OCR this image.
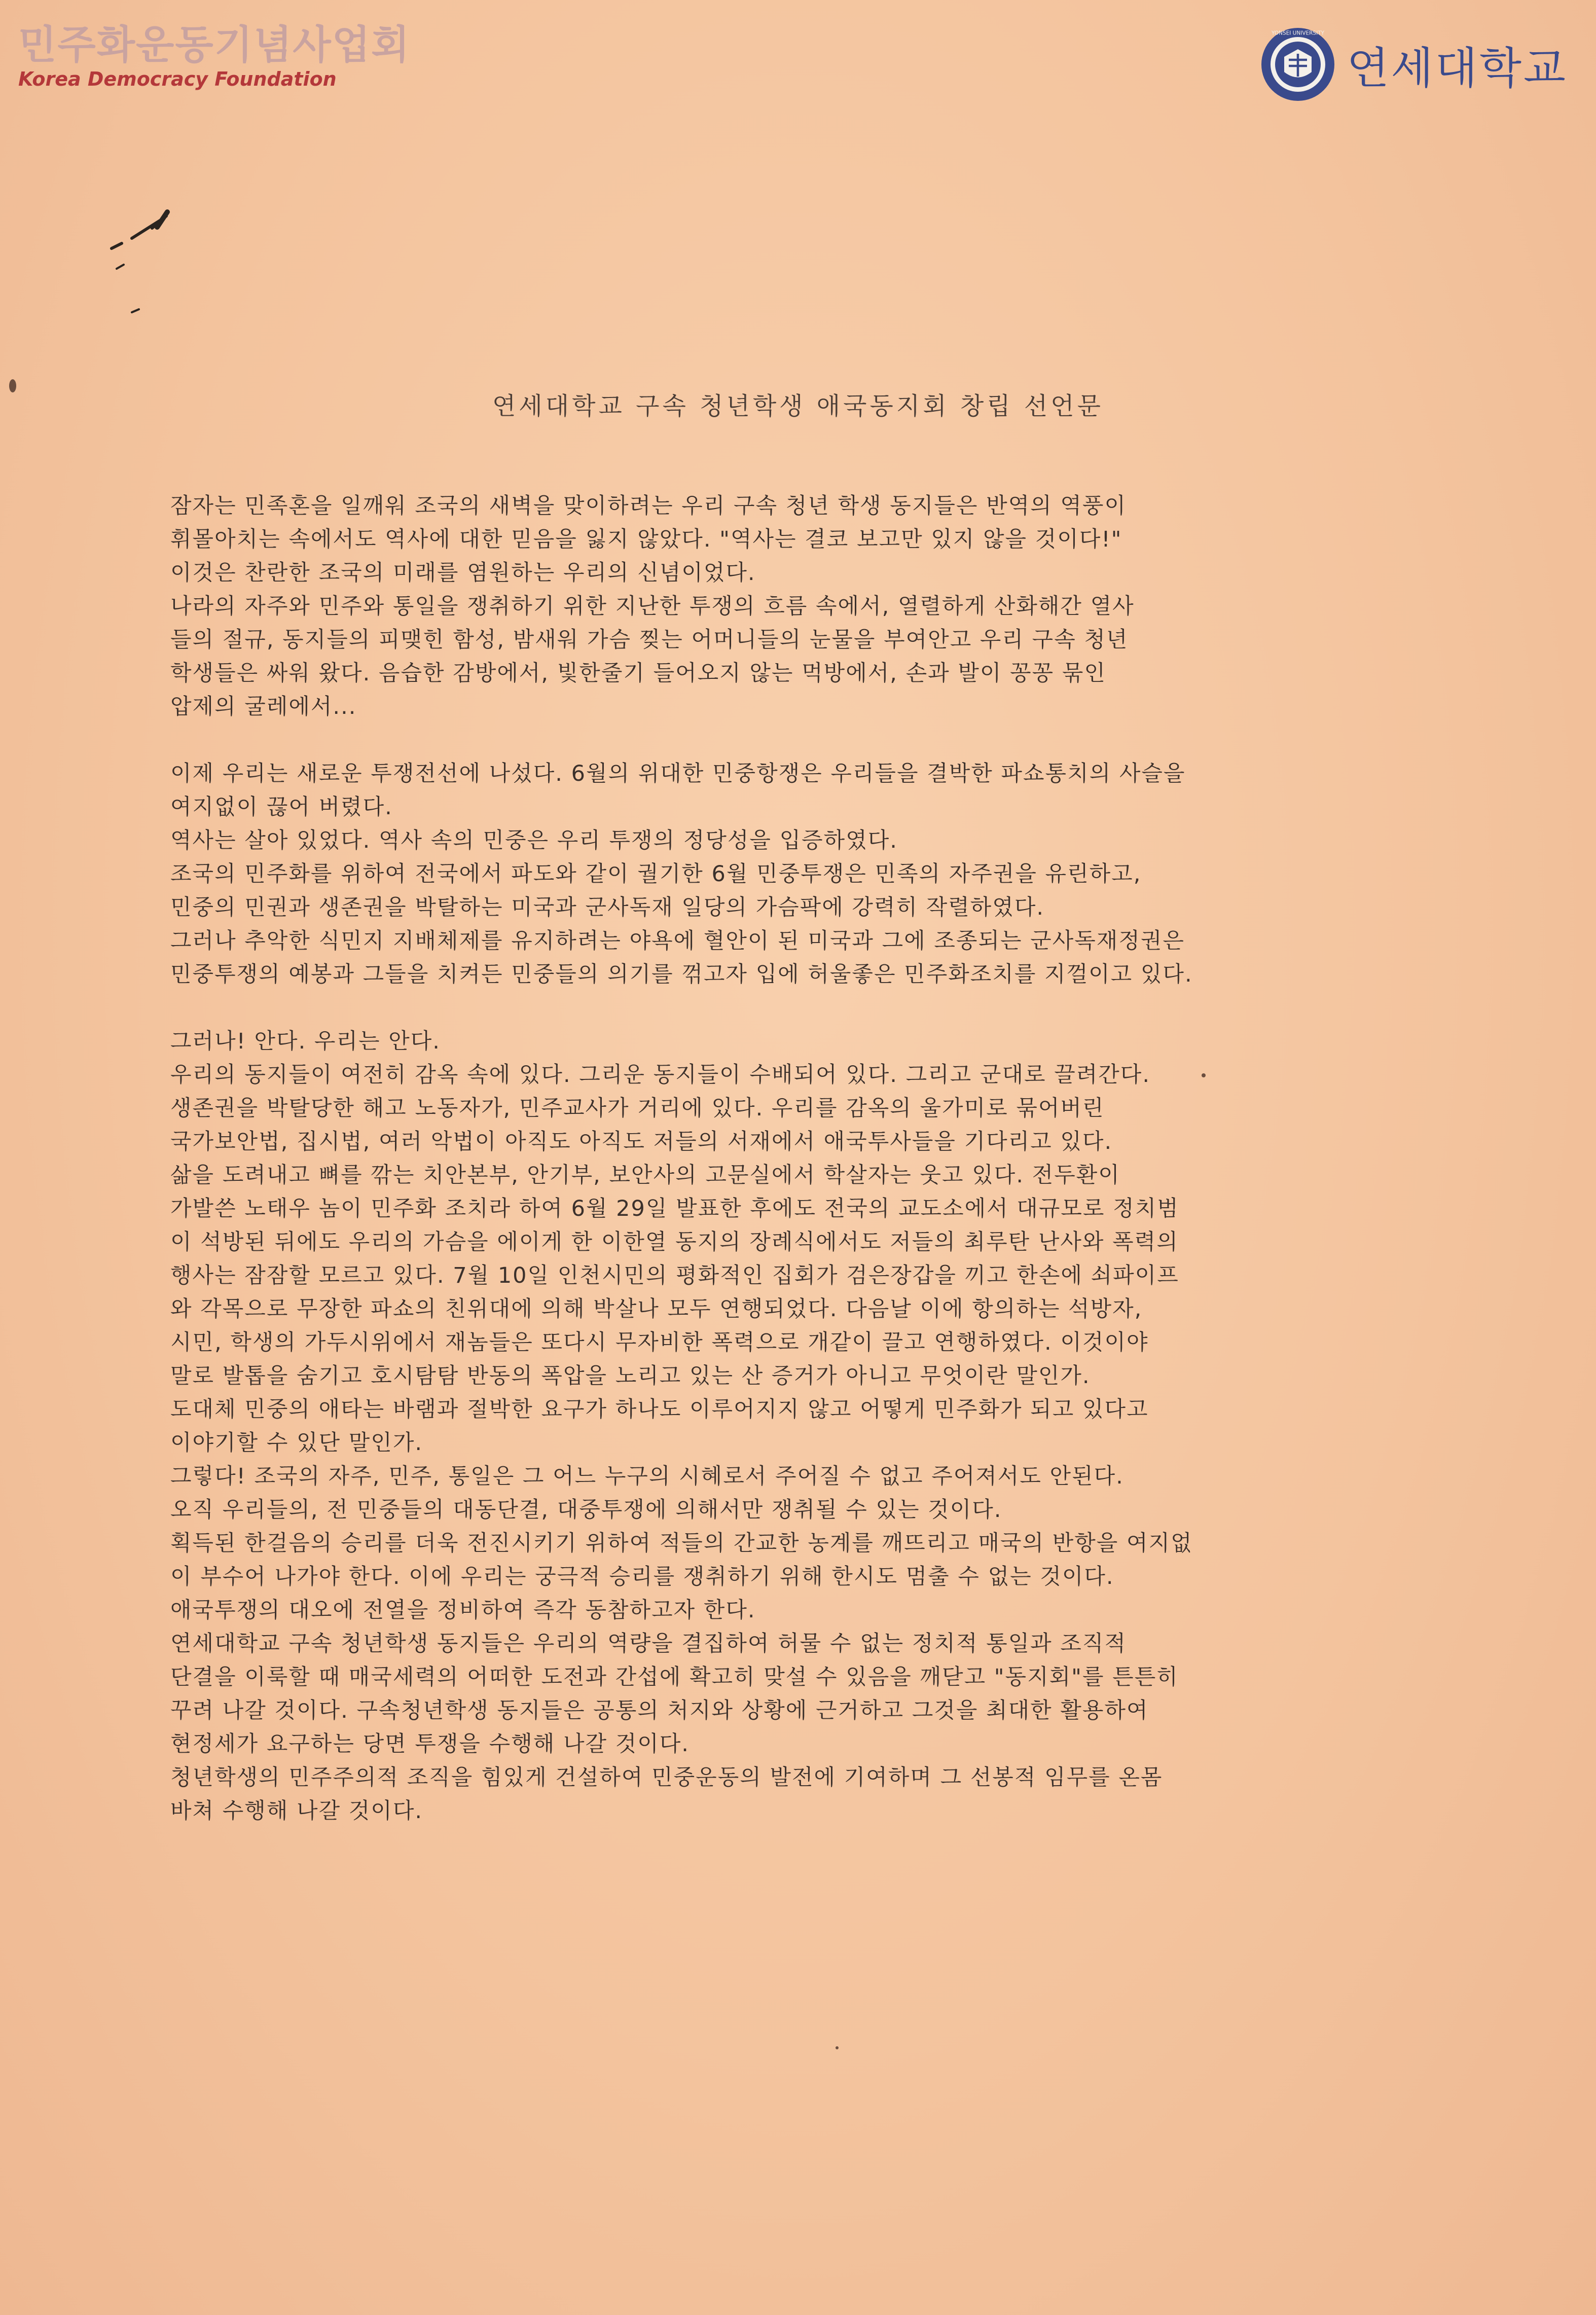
민주화운동기념사업회
Korea Democracy Foundation
YONSEI UNIVERSITY
연세대학교
연세대학교 구속 청년학생 애국동지회 창립 선언문

잠자는 민족혼을 일깨워 조국의 새벽을 맞이하려는 우리 구속 청년 학생 동지들은 반역의 역풍이
휘몰아치는 속에서도 역사에 대한 믿음을 잃지 않았다. "역사는 결코 보고만 있지 않을 것이다!"
이것은 찬란한 조국의 미래를 염원하는 우리의 신념이었다.
나라의 자주와 민주와 통일을 쟁취하기 위한 지난한 투쟁의 흐름 속에서, 열렬하게 산화해간 열사
들의 절규, 동지들의 피맺힌 함성, 밤새워 가슴 찢는 어머니들의 눈물을 부여안고 우리 구속 청년
학생들은 싸워 왔다. 음습한 감방에서, 빛한줄기 들어오지 않는 먹방에서, 손과 발이 꽁꽁 묶인
압제의 굴레에서...

이제 우리는 새로운 투쟁전선에 나섰다. 6월의 위대한 민중항쟁은 우리들을 결박한 파쇼통치의 사슬을
여지없이 끊어 버렸다.
역사는 살아 있었다. 역사 속의 민중은 우리 투쟁의 정당성을 입증하였다.
조국의 민주화를 위하여 전국에서 파도와 같이 궐기한 6월 민중투쟁은 민족의 자주권을 유린하고,
민중의 민권과 생존권을 박탈하는 미국과 군사독재 일당의 가슴팍에 강력히 작렬하였다.
그러나 추악한 식민지 지배체제를 유지하려는 야욕에 혈안이 된 미국과 그에 조종되는 군사독재정권은
민중투쟁의 예봉과 그들을 치켜든 민중들의 의기를 꺾고자 입에 허울좋은 민주화조치를 지껄이고 있다.

그러나! 안다. 우리는 안다.
우리의 동지들이 여전히 감옥 속에 있다. 그리운 동지들이 수배되어 있다. 그리고 군대로 끌려간다.
생존권을 박탈당한 해고 노동자가, 민주교사가 거리에 있다. 우리를 감옥의 울가미로 묶어버린
국가보안법, 집시법, 여러 악법이 아직도 아직도 저들의 서재에서 애국투사들을 기다리고 있다.
삶을 도려내고 뼈를 깎는 치안본부, 안기부, 보안사의 고문실에서 학살자는 웃고 있다. 전두환이
가발쓴 노태우 놈이 민주화 조치라 하여 6월 29일 발표한 후에도 전국의 교도소에서 대규모로 정치범
이 석방된 뒤에도 우리의 가슴을 에이게 한 이한열 동지의 장례식에서도 저들의 최루탄 난사와 폭력의
행사는 잠잠할 모르고 있다. 7월 10일 인천시민의 평화적인 집회가 검은장갑을 끼고 한손에 쇠파이프
와 각목으로 무장한 파쇼의 친위대에 의해 박살나 모두 연행되었다. 다음날 이에 항의하는 석방자,
시민, 학생의 가두시위에서 재놈들은 또다시 무자비한 폭력으로 개같이 끌고 연행하였다. 이것이야
말로 발톱을 숨기고 호시탐탐 반동의 폭압을 노리고 있는 산 증거가 아니고 무엇이란 말인가.
도대체 민중의 애타는 바램과 절박한 요구가 하나도 이루어지지 않고 어떻게 민주화가 되고 있다고
이야기할 수 있단 말인가.
그렇다! 조국의 자주, 민주, 통일은 그 어느 누구의 시혜로서 주어질 수 없고 주어져서도 안된다.
오직 우리들의, 전 민중들의 대동단결, 대중투쟁에 의해서만 쟁취될 수 있는 것이다.
획득된 한걸음의 승리를 더욱 전진시키기 위하여 적들의 간교한 농계를 깨뜨리고 매국의 반항을 여지없
이 부수어 나가야 한다. 이에 우리는 궁극적 승리를 쟁취하기 위해 한시도 멈출 수 없는 것이다.
애국투쟁의 대오에 전열을 정비하여 즉각 동참하고자 한다.
연세대학교 구속 청년학생 동지들은 우리의 역량을 결집하여 허물 수 없는 정치적 통일과 조직적
단결을 이룩할 때 매국세력의 어떠한 도전과 간섭에 확고히 맞설 수 있음을 깨닫고 "동지회"를 튼튼히
꾸려 나갈 것이다. 구속청년학생 동지들은 공통의 처지와 상황에 근거하고 그것을 최대한 활용하여
현정세가 요구하는 당면 투쟁을 수행해 나갈 것이다.
청년학생의 민주주의적 조직을 힘있게 건설하여 민중운동의 발전에 기여하며 그 선봉적 임무를 온몸
바쳐 수행해 나갈 것이다.
